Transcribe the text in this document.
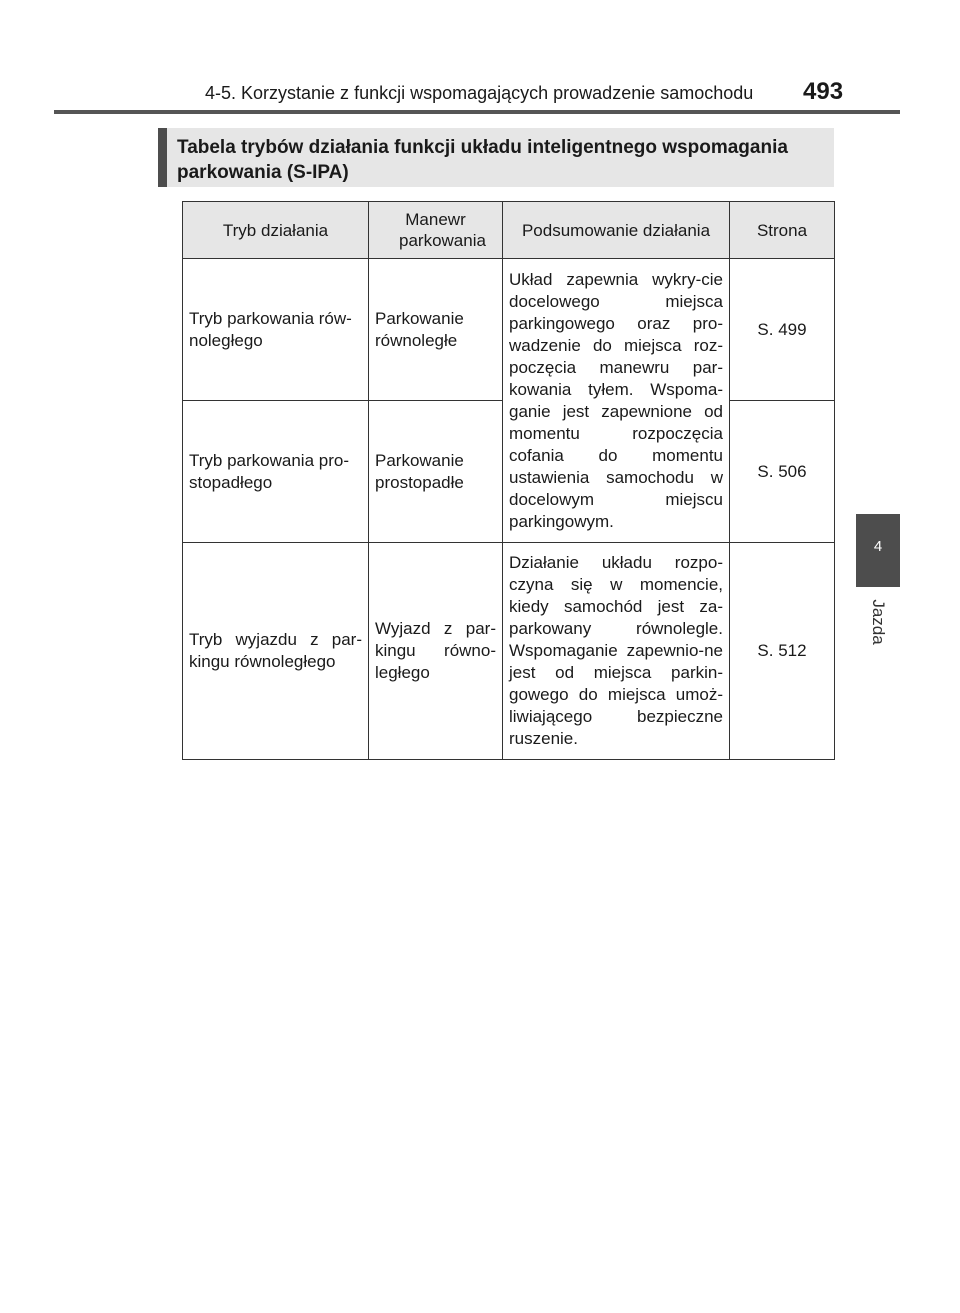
4-5. Korzystanie z funkcji wspomagających prowadzenie samochodu 493
4
Jazda
Tabela trybów działania funkcji układu inteligentnego wspomagania parkowania (S-IPA)
Tryb działania	Manewr parkowania	Podsumowanie działania	Strona
Tryb parkowania rów-noległego	Parkowanie równoległe	Układ zapewnia wykry-cie docelowego miejsca parkingowego oraz pro-wadzenie do miejsca roz-poczęcia manewru par-kowania tyłem. Wspoma-ganie jest zapewnione od momentu rozpoczęcia cofania do momentu ustawienia samochodu w docelowym miejscu parkingowym.	S. 499
Tryb parkowania pro-stopadłego	Parkowanie prostopadłe		S. 506
Tryb wyjazdu z par-kingu równoległego	Wyjazd z par-kingu równo-ległego	Działanie układu rozpo-czyna się w momencie, kiedy samochód jest za-parkowany równolegle. Wspomaganie zapewnio-ne jest od miejsca parkin-gowego do miejsca umoż-liwiającego bezpieczne ruszenie.	S. 512
